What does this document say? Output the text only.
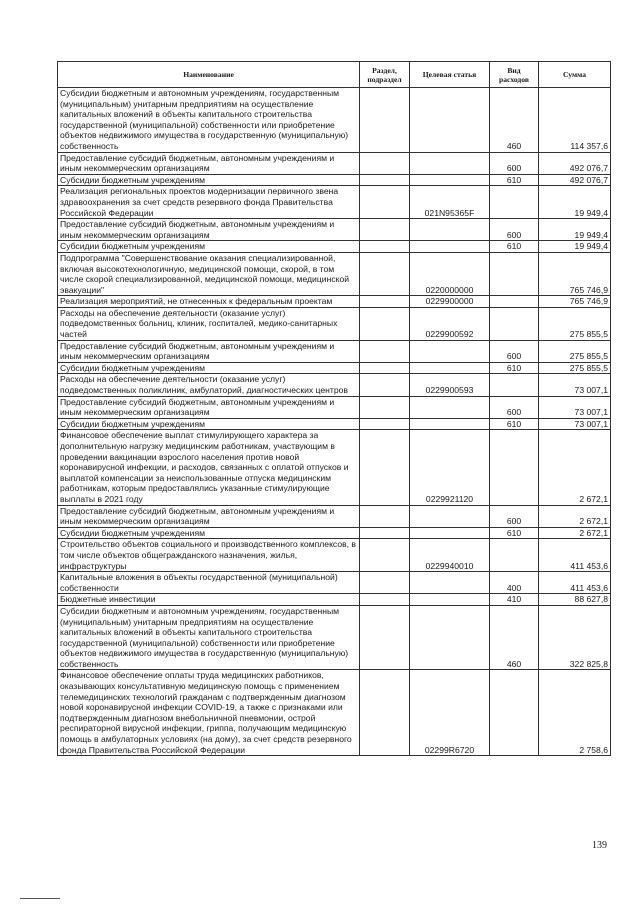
Наименование	Раздел, подраздел	Целевая статья	Вид расходов	Сумма
Субсидии бюджетным и автономным учреждениям, государственным (муниципальным) унитарным предприятиям на осуществление капитальных вложений в объекты капитального строительства государственной (муниципальной) собственности или приобретение объектов недвижимого имущества в государственную (муниципальную) собственность			460	114 357,6
Предоставление субсидий бюджетным, автономным учреждениям и иным некоммерческим организациям			600	492 076,7
Субсидии бюджетным учреждениям			610	492 076,7
Реализация региональных проектов модернизации первичного звена здравоохранения за счет средств резервного фонда Правительства Российской Федерации		021N95365F		19 949,4
Предоставление субсидий бюджетным, автономным учреждениям и иным некоммерческим организациям			600	19 949,4
Субсидии бюджетным учреждениям			610	19 949,4
Подпрограмма "Совершенствование оказания специализированной, включая высокотехнологичную, медицинской помощи, скорой, в том числе скорой специализированной, медицинской помощи, медицинской эвакуации"		0220000000		765 746,9
Реализация мероприятий, не отнесенных к федеральным проектам		0229900000		765 746,9
Расходы на обеспечение деятельности (оказание услуг) подведомственных больниц, клиник, госпиталей, медико-санитарных частей		0229900592		275 855,5
Предоставление субсидий бюджетным, автономным учреждениям и иным некоммерческим организациям			600	275 855,5
Субсидии бюджетным учреждениям			610	275 855,5
Расходы на обеспечение деятельности (оказание услуг) подведомственных поликлиник, амбулаторий, диагностических центров		0229900593		73 007,1
Предоставление субсидий бюджетным, автономным учреждениям и иным некоммерческим организациям			600	73 007,1
Субсидии бюджетным учреждениям			610	73 007,1
Финансовое обеспечение выплат стимулирующего характера за дополнительную нагрузку медицинским работникам, участвующим в проведении вакцинации взрослого населения против новой коронавирусной инфекции, и расходов, связанных с оплатой отпусков и выплатой компенсации за неиспользованные отпуска медицинским работникам, которым предоставлялись указанные стимулирующие выплаты в 2021 году		0229921120		2 672,1
Предоставление субсидий бюджетным, автономным учреждениям и иным некоммерческим организациям			600	2 672,1
Субсидии бюджетным учреждениям			610	2 672,1
Строительство объектов социального и производственного комплексов, в том числе объектов общегражданского назначения, жилья, инфраструктуры		0229940010		411 453,6
Капитальные вложения в объекты государственной (муниципальной) собственности			400	411 453,6
Бюджетные инвестиции			410	88 627,8
Субсидии бюджетным и автономным учреждениям, государственным (муниципальным) унитарным предприятиям на осуществление капитальных вложений в объекты капитального строительства государственной (муниципальной) собственности или приобретение объектов недвижимого имущества в государственную (муниципальную) собственность			460	322 825,8
Финансовое обеспечение оплаты труда медицинских работников, оказывающих консультативную медицинскую помощь с применением телемедицинских технологий гражданам с подтвержденным диагнозом новой коронавирусной инфекции COVID-19, а также с признаками или подтвержденным диагнозом внебольничной пневмонии, острой респираторной вирусной инфекции, гриппа, получающим медицинскую помощь в амбулаторных условиях (на дому), за счет средств резервного фонда Правительства Российской Федерации		02299R6720		2 758,6
139
